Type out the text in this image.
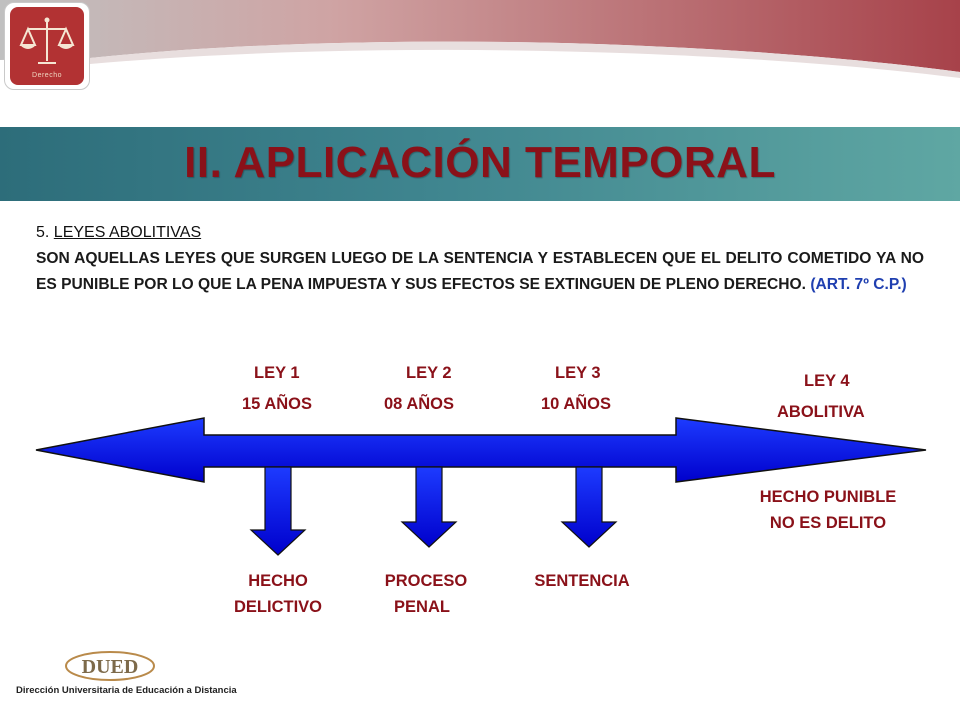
Derecho
II. APLICACIÓN TEMPORAL
5. LEYES ABOLITIVAS
SON AQUELLAS LEYES QUE SURGEN LUEGO DE LA SENTENCIA Y ESTABLECEN QUE EL DELITO COMETIDO YA NO ES PUNIBLE POR LO QUE LA PENA IMPUESTA Y SUS EFECTOS SE EXTINGUEN DE PLENO DERECHO. (ART. 7º C.P.)
LEY 1
15 AÑOS
LEY 2
08 AÑOS
LEY 3
10 AÑOS
LEY 4
ABOLITIVA
HECHO PUNIBLE
NO ES DELITO
HECHO
DELICTIVO
PROCESO
PENAL
SENTENCIA
DUED
Dirección Universitaria de Educación a Distancia
